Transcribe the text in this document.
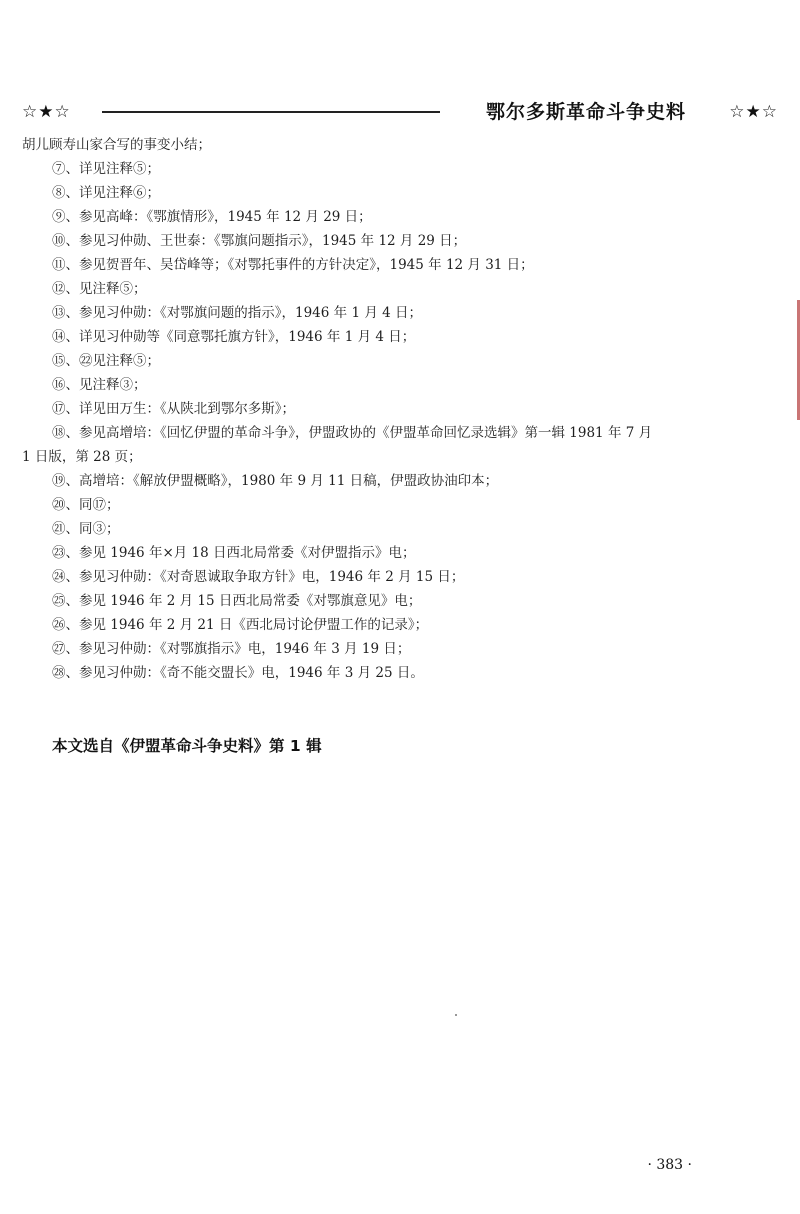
☆★☆	鄂尔多斯革命斗争史料	☆★☆
胡儿顾寿山家合写的事变小结；
⑦、详见注释⑤；
⑧、详见注释⑥；
⑨、参见高峰：《鄂旗情形》，1945 年 12 月 29 日；
⑩、参见习仲勋、王世泰：《鄂旗问题指示》，1945 年 12 月 29 日；
⑪、参见贺晋年、吴岱峰等；《对鄂托事件的方针决定》，1945 年 12 月 31 日；
⑫、见注释⑤；
⑬、参见习仲勋：《对鄂旗问题的指示》，1946 年 1 月 4 日；
⑭、详见习仲勋等《同意鄂托旗方针》，1946 年 1 月 4 日；
⑮、㉒见注释⑤；
⑯、见注释③；
⑰、详见田万生：《从陕北到鄂尔多斯》；
⑱、参见高增培：《回忆伊盟的革命斗争》，伊盟政协的《伊盟革命回忆录选辑》第一辑 1981 年 7 月
1 日版，第 28 页；
⑲、高增培：《解放伊盟概略》，1980 年 9 月 11 日稿，伊盟政协油印本；
⑳、同⑰；
㉑、同③；
㉓、参见 1946 年×月 18 日西北局常委《对伊盟指示》电；
㉔、参见习仲勋：《对奇恩诚取争取方针》电，1946 年 2 月 15 日；
㉕、参见 1946 年 2 月 15 日西北局常委《对鄂旗意见》电；
㉖、参见 1946 年 2 月 21 日《西北局讨论伊盟工作的记录》；
㉗、参见习仲勋：《对鄂旗指示》电，1946 年 3 月 19 日；
㉘、参见习仲勋：《奇不能交盟长》电，1946 年 3 月 25 日。
本文选自《伊盟革命斗争史料》第 1 辑
· 383 ·
